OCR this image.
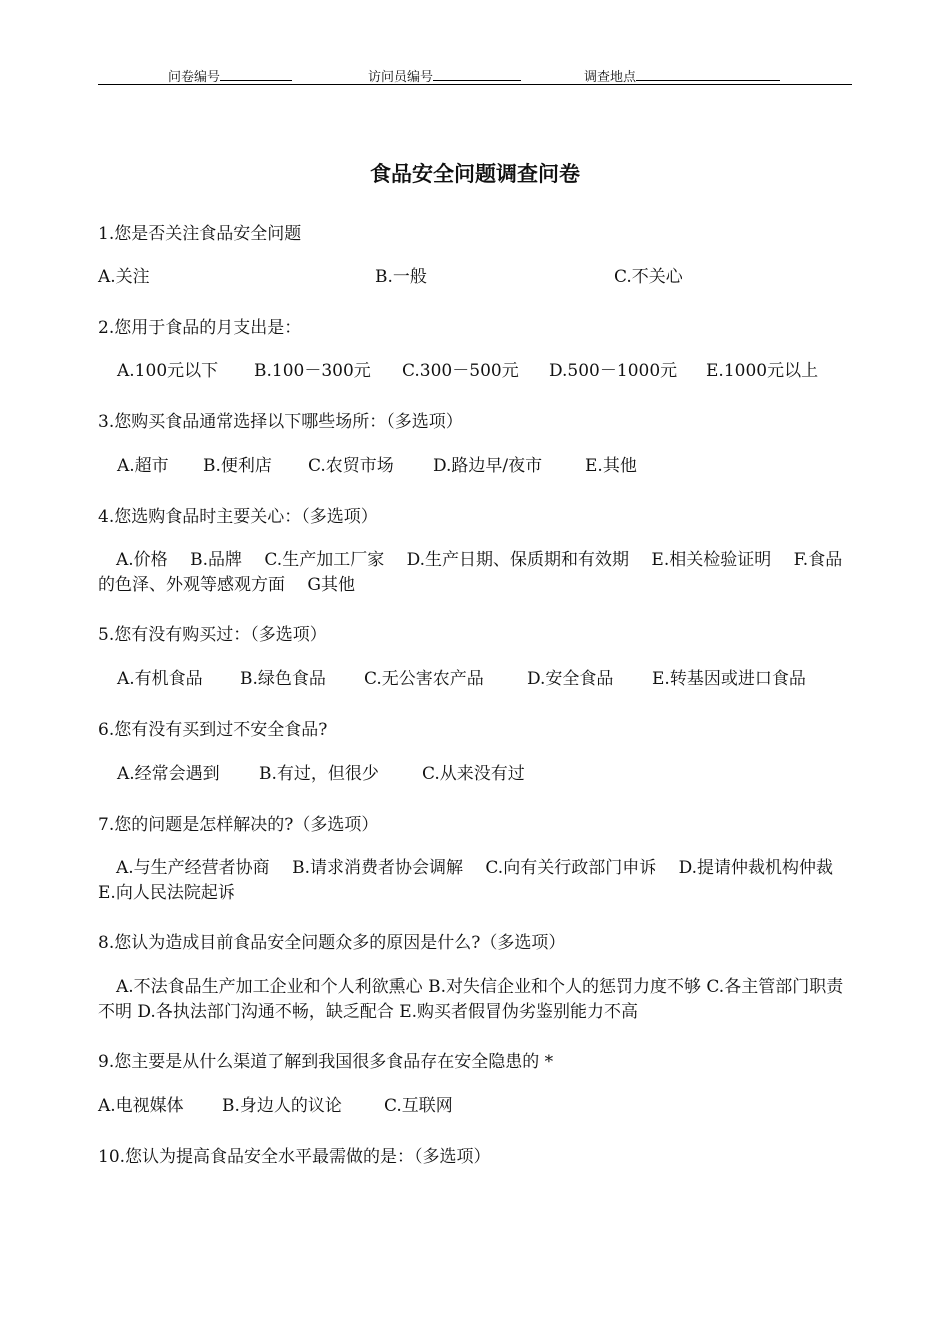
问卷编号	访问员编号	调查地点
食品安全问题调查问卷
1.您是否关注食品安全问题
A.关注	B.一般	C.不关心
2.您用于食品的月支出是：
A.100元以下 B.100－300元 C.300－500元 D.500－1000元 E.1000元以上
3.您购买食品通常选择以下哪些场所：（多选项）
A.超市 B.便利店 C.农贸市场 D.路边早/夜市	E.其他
4.您选购食品时主要关心：（多选项）
A.价格　 B.品牌　 C.生产加工厂家　 D.生产日期、保质期和有效期　 E.相关检验证明　 F.食品的色泽、外观等感观方面　 G其他
5.您有没有购买过：（多选项）
A.有机食品 B.绿色食品 C.无公害农产品	D.安全食品 E.转基因或进口食品
6.您有没有买到过不安全食品?
A.经常会遇到 B.有过，但很少	C.从来没有过
7.您的问题是怎样解决的?（多选项）
A.与生产经营者协商　 B.请求消费者协会调解　 C.向有关行政部门申诉　 D.提请仲裁机构仲裁　 E.向人民法院起诉
8.您认为造成目前食品安全问题众多的原因是什么?（多选项）
A.不法食品生产加工企业和个人利欲熏心 B.对失信企业和个人的惩罚力度不够 C.各主管部门职责不明 D.各执法部门沟通不畅，缺乏配合 E.购买者假冒伪劣鉴别能力不高
9.您主要是从什么渠道了解到我国很多食品存在安全隐患的 *
A.电视媒体 B.身边人的议论 C.互联网
10.您认为提高食品安全水平最需做的是：（多选项）
